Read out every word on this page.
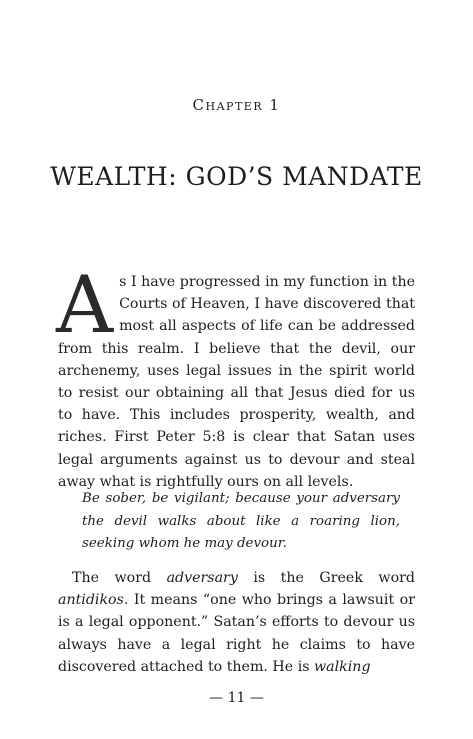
Chapter 1
WEALTH: GOD’S MANDATE
As I have progressed in my function in the Courts of Heaven, I have discovered that most all aspects of life can be addressed from this realm. I believe that the devil, our archenemy, uses legal issues in the spirit world to resist our obtaining all that Jesus died for us to have. This includes prosperity, wealth, and riches. First Peter 5:8 is clear that Satan uses legal arguments against us to devour and steal away what is rightfully ours on all levels.
Be sober, be vigilant; because your adversary the devil walks about like a roaring lion, seeking whom he may devour.
The word adversary is the Greek word antidikos. It means “one who brings a lawsuit or is a legal opponent.” Satan’s efforts to devour us always have a legal right he claims to have discovered attached to them. He is walking
— 11 —
